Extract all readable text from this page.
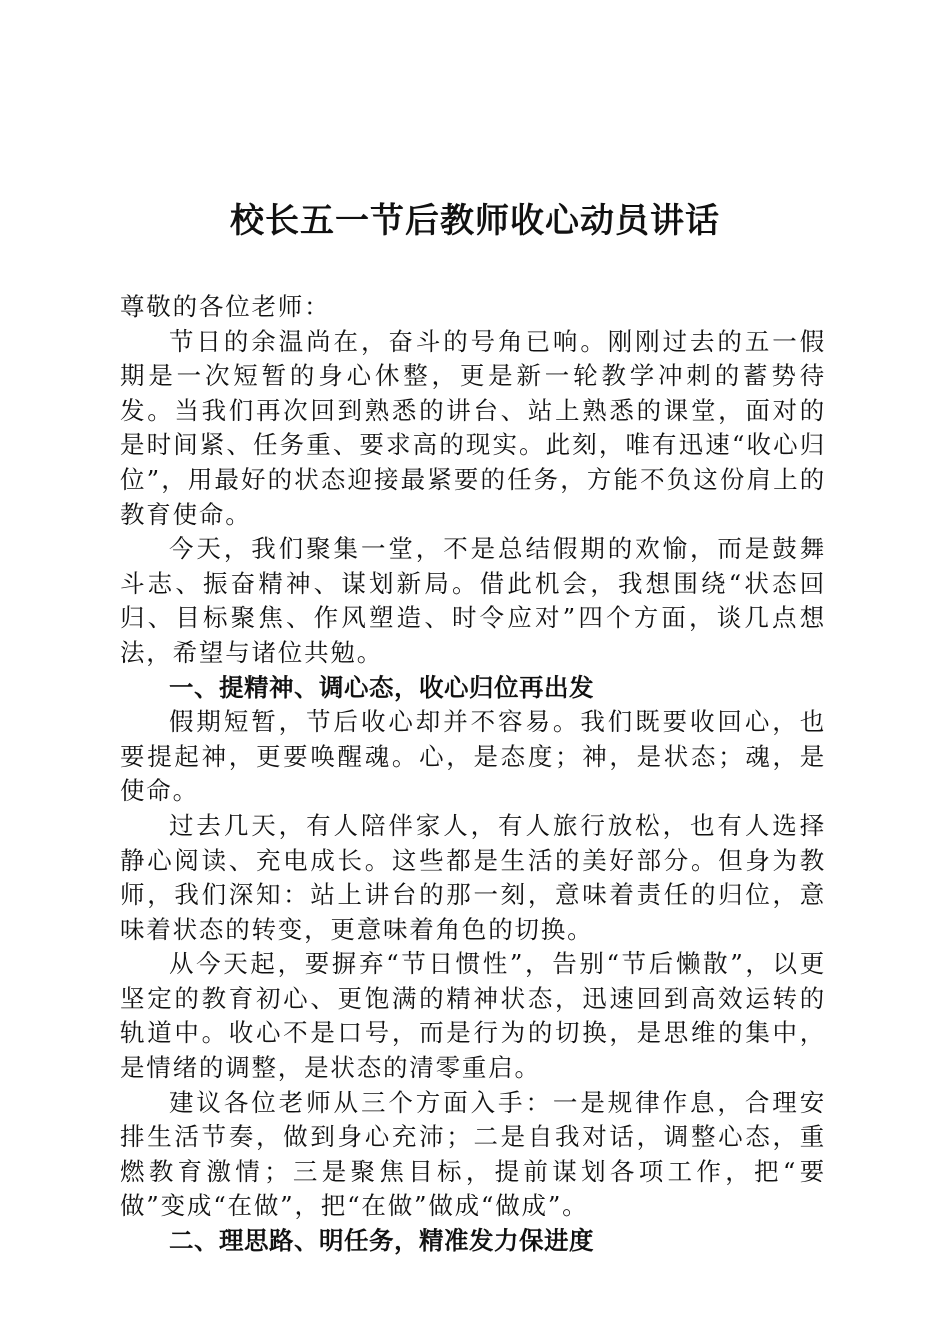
校长五一节后教师收心动员讲话

尊敬的各位老师：

节日的余温尚在，奋斗的号角已响。刚刚过去的五一假期是一次短暂的身心休整，更是新一轮教学冲刺的蓄势待发。当我们再次回到熟悉的讲台、站上熟悉的课堂，面对的是时间紧、任务重、要求高的现实。此刻，唯有迅速“收心归位”，用最好的状态迎接最紧要的任务，方能不负这份肩上的教育使命。

今天，我们聚集一堂，不是总结假期的欢愉，而是鼓舞斗志、振奋精神、谋划新局。借此机会，我想围绕“状态回归、目标聚焦、作风塑造、时令应对”四个方面，谈几点想法，希望与诸位共勉。

一、提精神、调心态，收心归位再出发

假期短暂，节后收心却并不容易。我们既要收回心，也要提起神，更要唤醒魂。心，是态度；神，是状态；魂，是使命。

过去几天，有人陪伴家人，有人旅行放松，也有人选择静心阅读、充电成长。这些都是生活的美好部分。但身为教师，我们深知：站上讲台的那一刻，意味着责任的归位，意味着状态的转变，更意味着角色的切换。

从今天起，要摒弃“节日惯性”，告别“节后懒散”，以更坚定的教育初心、更饱满的精神状态，迅速回到高效运转的轨道中。收心不是口号，而是行为的切换，是思维的集中，是情绪的调整，是状态的清零重启。

建议各位老师从三个方面入手：一是规律作息，合理安排生活节奏，做到身心充沛；二是自我对话，调整心态，重燃教育激情；三是聚焦目标，提前谋划各项工作，把“要做”变成“在做”，把“在做”做成“做成”。

二、理思路、明任务，精准发力保进度
